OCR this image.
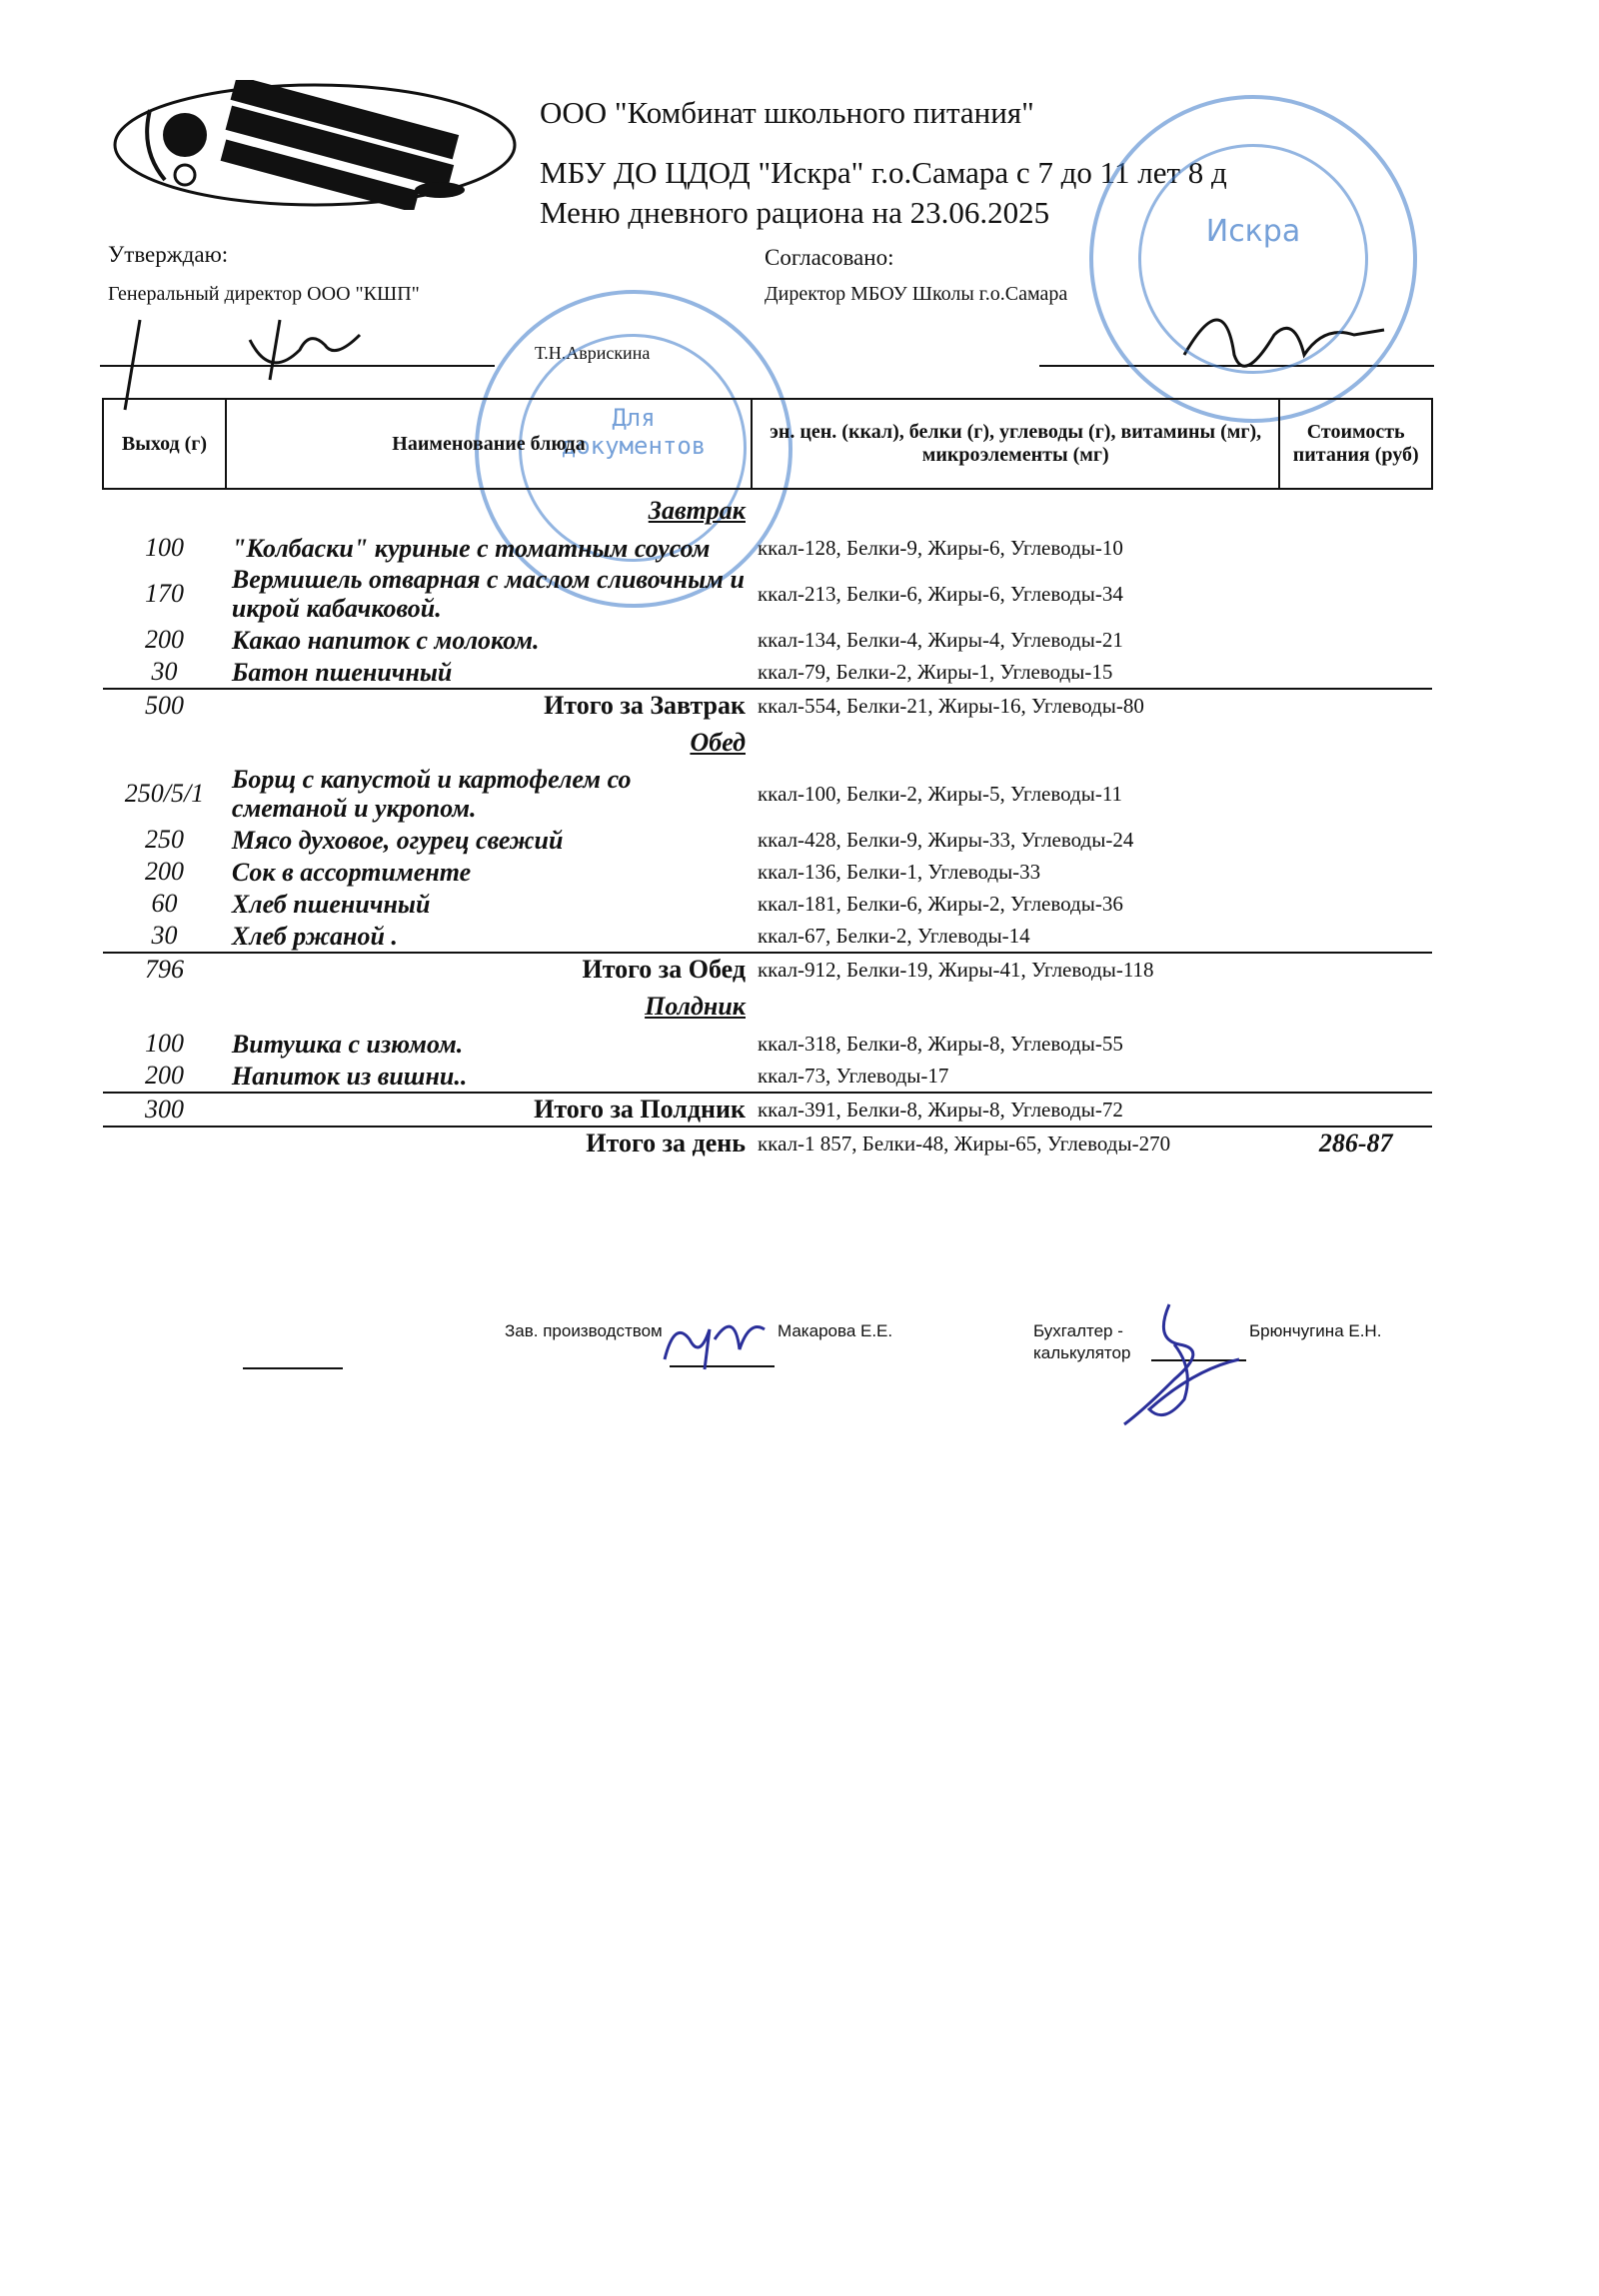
ООО "Комбинат школьного питания"
МБУ ДО ЦДОД "Искра" г.о.Самара с 7 до 11 лет 8 д
Меню дневного рациона на 23.06.2025
Утверждаю:
Генеральный директор ООО "КШП"
Т.Н.Аврискина
Согласовано:
Директор МБОУ Школы г.о.Самара
Для документов
Искра
Выход (г)	Наименование блюда	эн. цен. (ккал), белки (г), углеводы (г), витамины (мг), микроэлементы (мг)	Стоимость питания (руб)
	Завтрак		
100	"Колбаски" куриные с томатным соусом	ккал-128, Белки-9, Жиры-6, Углеводы-10	
170	Вермишель отварная с маслом сливочным и икрой кабачковой.	ккал-213, Белки-6, Жиры-6, Углеводы-34	
200	Какао напиток с молоком.	ккал-134, Белки-4, Жиры-4, Углеводы-21	
30	Батон пшеничный	ккал-79, Белки-2, Жиры-1, Углеводы-15	
500	Итого за Завтрак	ккал-554, Белки-21, Жиры-16, Углеводы-80	
	Обед		
250/5/1	Борщ с капустой и картофелем со сметаной и укропом.	ккал-100, Белки-2, Жиры-5, Углеводы-11	
250	Мясо духовое, огурец свежий	ккал-428, Белки-9, Жиры-33, Углеводы-24	
200	Сок в ассортименте	ккал-136, Белки-1, Углеводы-33	
60	Хлеб пшеничный	ккал-181, Белки-6, Жиры-2, Углеводы-36	
30	Хлеб ржаной .	ккал-67, Белки-2, Углеводы-14	
796	Итого за Обед	ккал-912, Белки-19, Жиры-41, Углеводы-118	
	Полдник		
100	Витушка с изюмом.	ккал-318, Белки-8, Жиры-8, Углеводы-55	
200	Напиток из вишни..	ккал-73, Углеводы-17	
300	Итого за Полдник	ккал-391, Белки-8, Жиры-8, Углеводы-72	
	Итого за день	ккал-1 857, Белки-48, Жиры-65, Углеводы-270	286-87
Зав. производством	Макарова Е.Е.	Бухгалтер -
калькулятор
Брюнчугина Е.Н.
